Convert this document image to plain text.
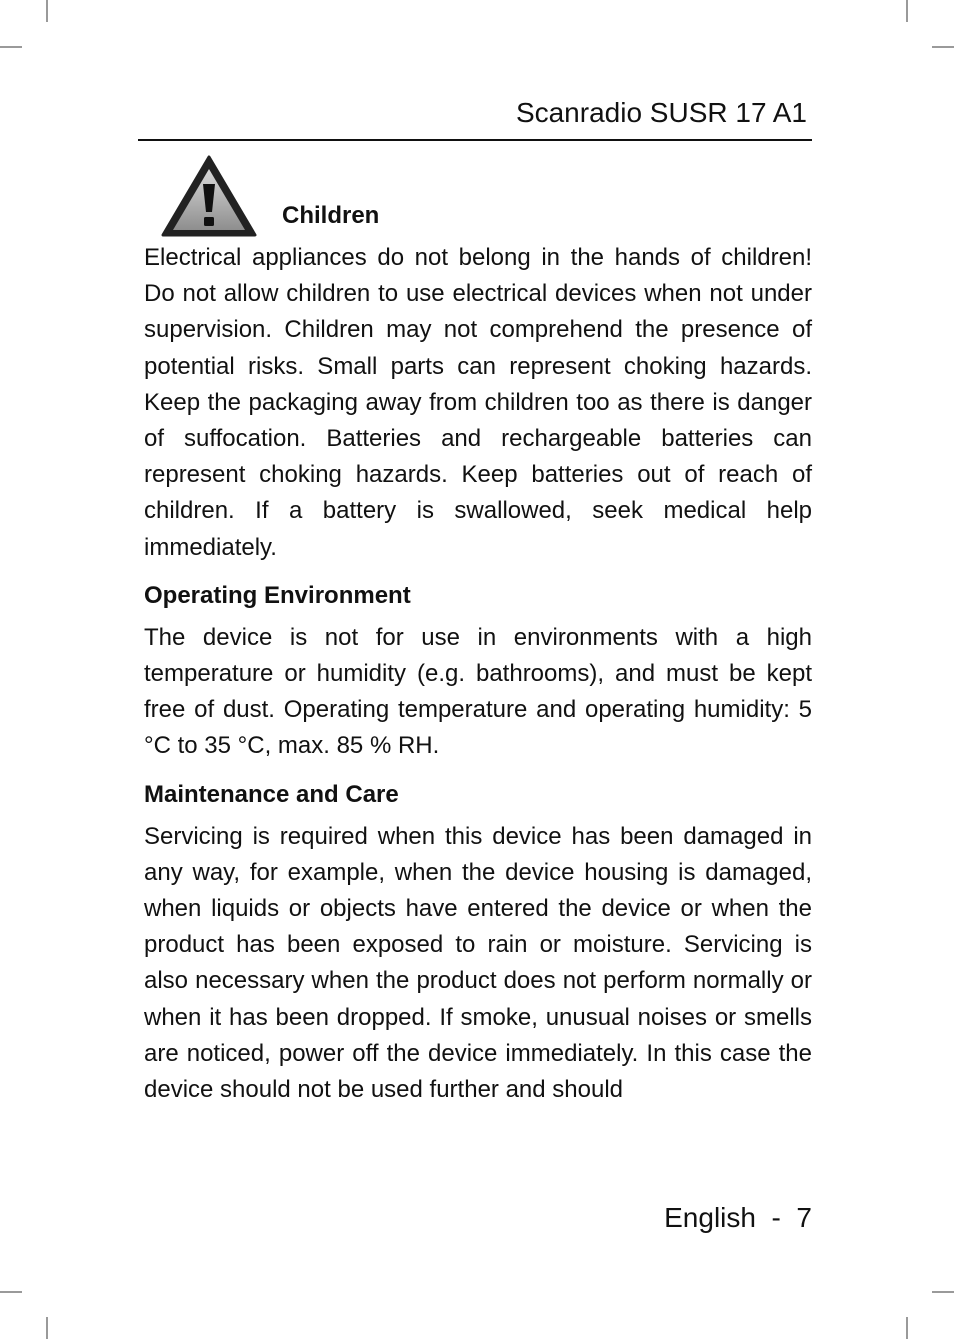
Scanradio SUSR 17 A1
Children

Electrical appliances do not belong in the hands of children! Do not allow children to use electrical devices when not under supervision. Children may not comprehend the presence of potential risks. Small parts can represent choking hazards. Keep the packaging away from children too as there is danger of suffocation. Batteries and rechargeable batteries can represent choking hazards. Keep batteries out of reach of children. If a battery is swallowed, seek medical help immediately.

Operating Environment

The device is not for use in environments with a high temperature or humidity (e.g. bathrooms), and must be kept free of dust. Operating temperature and operating humidity: 5 °C to 35 °C, max. 85 % RH.

Maintenance and Care

Servicing is required when this device has been damaged in any way, for example, when the device housing is damaged, when liquids or objects have entered the device or when the product has been exposed to rain or moisture. Servicing is also necessary when the product does not perform normally or when it has been dropped. If smoke, unusual noises or smells are noticed, power off the device immediately. In this case the device should not be used further and should

English - 7
